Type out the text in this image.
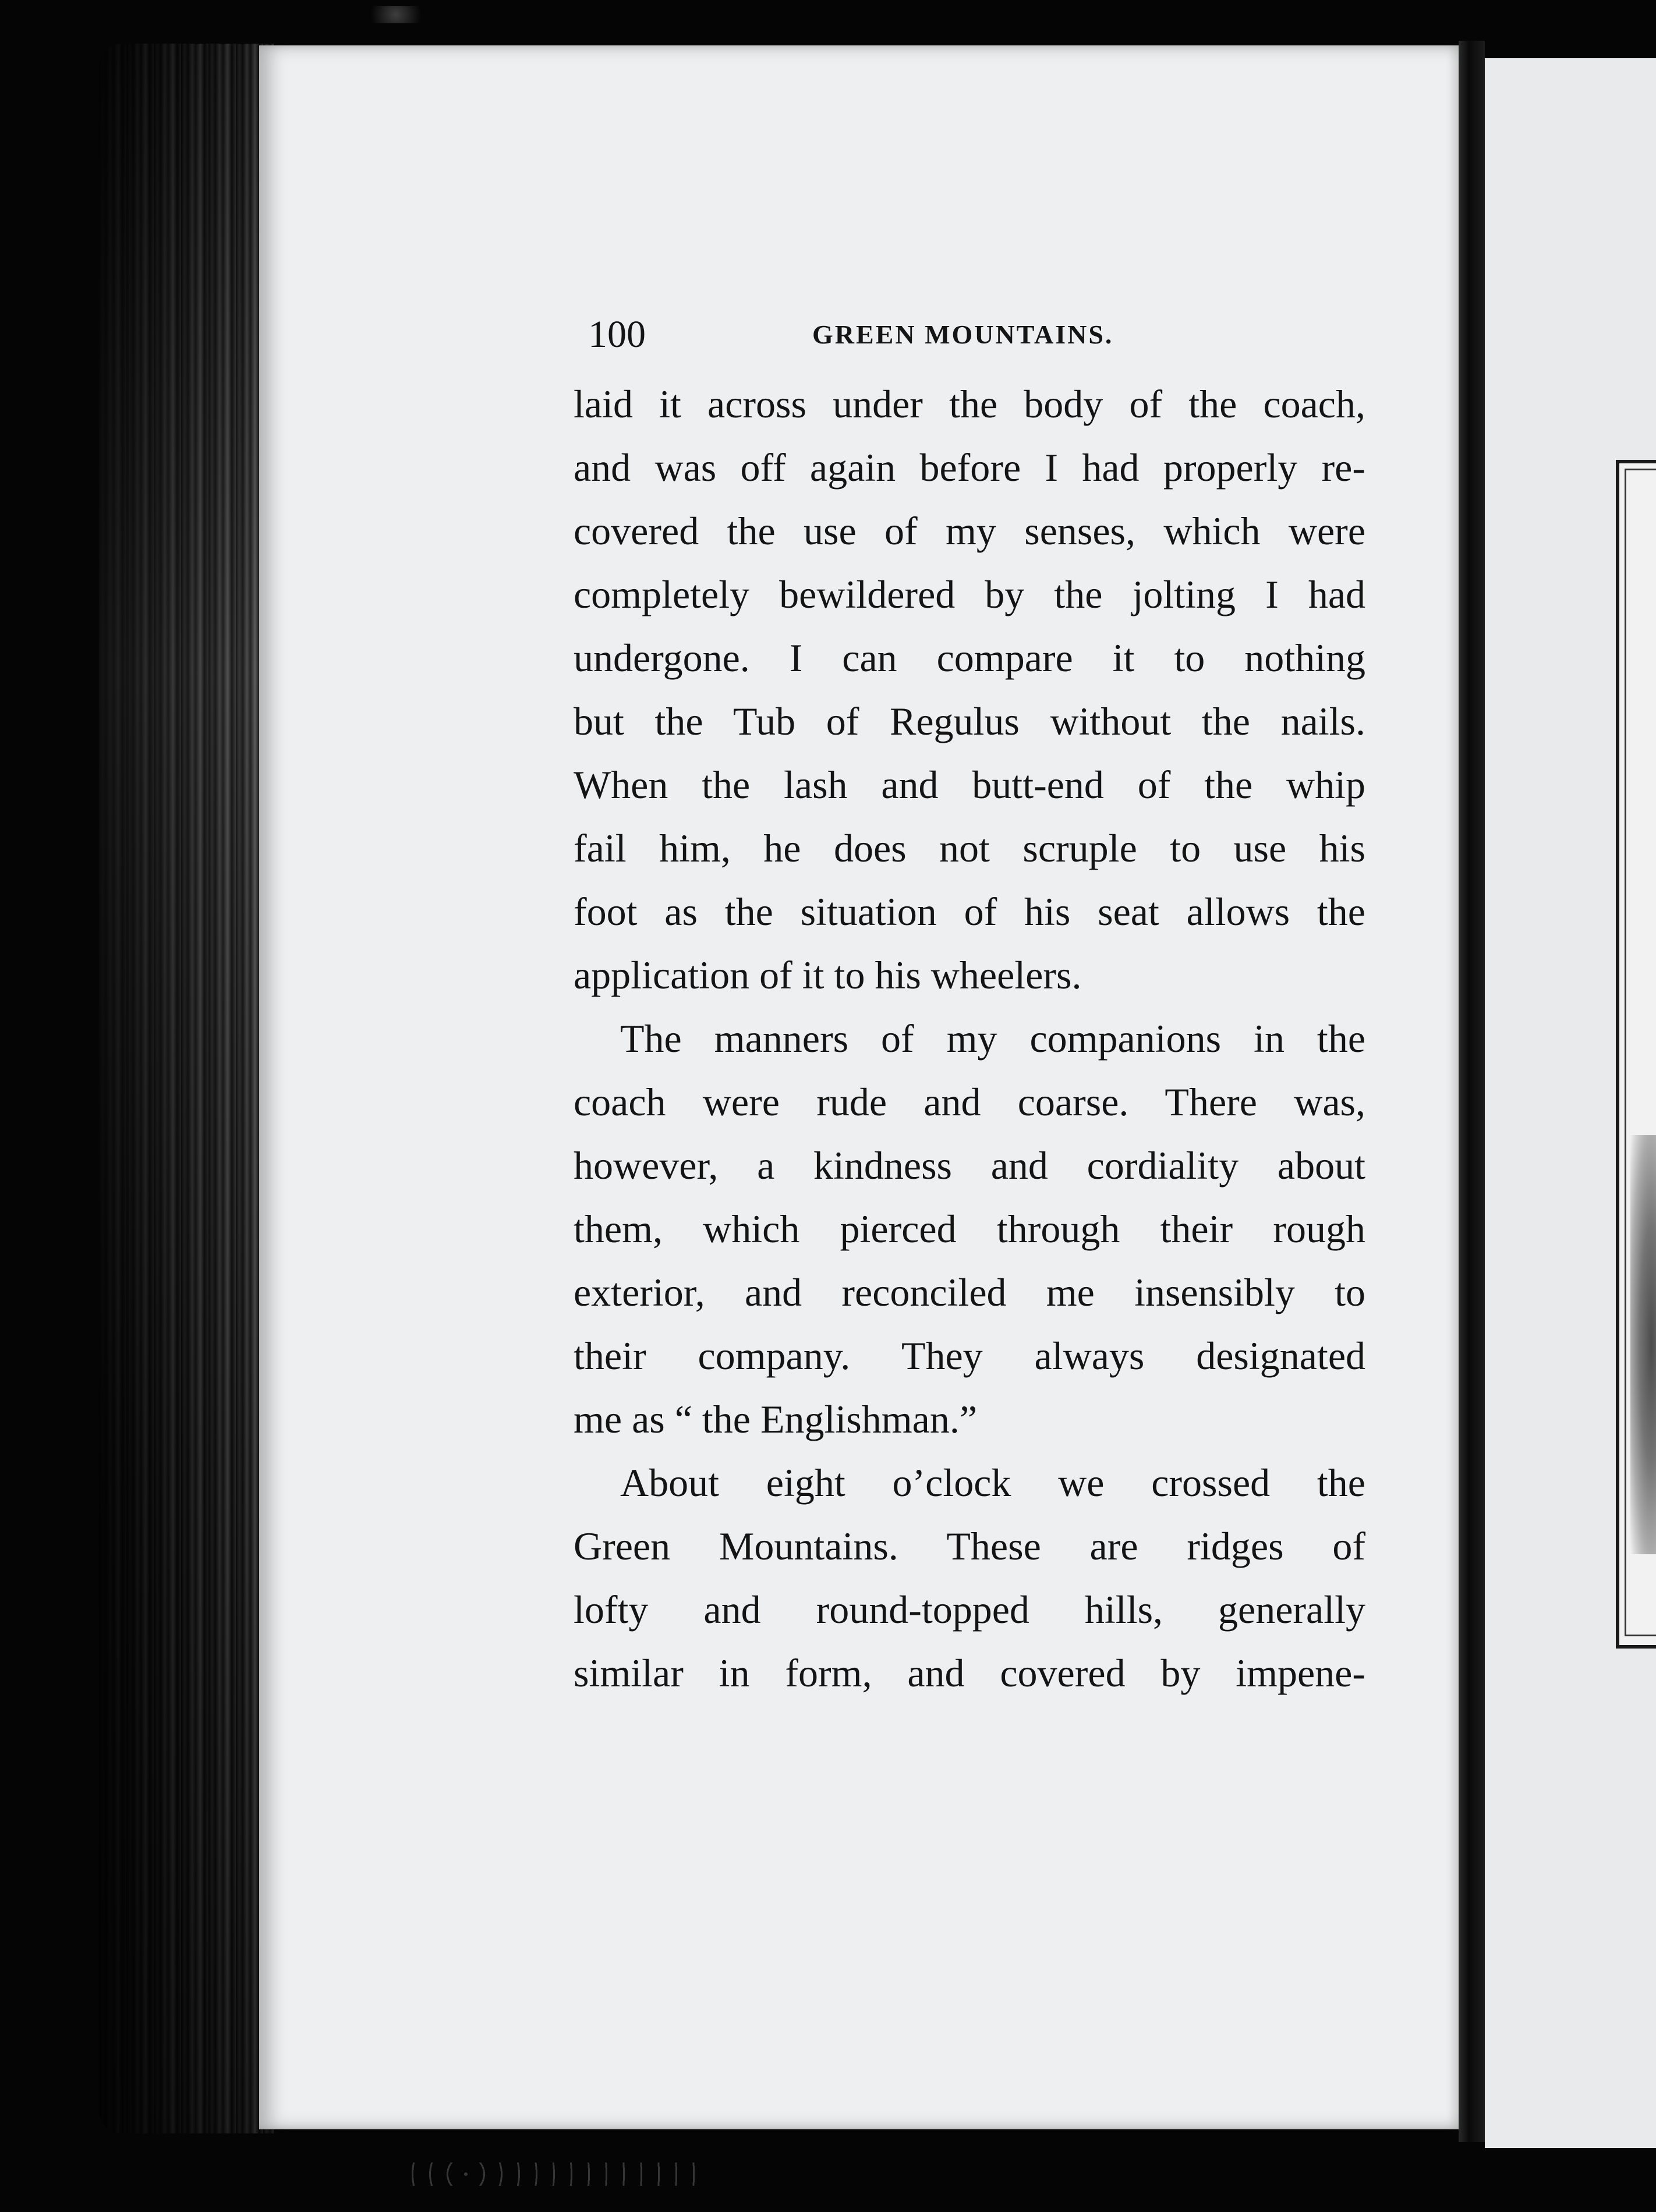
100	GREEN MOUNTAINS.
laid it across under the body of the coach,
and was off again before I had properly re-
covered the use of my senses, which were
completely bewildered by the jolting I had
undergone. I can compare it to nothing
but the Tub of Regulus without the nails.
When the lash and butt-end of the whip
fail him, he does not scruple to use his
foot as the situation of his seat allows the
application of it to his wheelers.
The manners of my companions in the
coach were rude and coarse. There was,
however, a kindness and cordiality about
them, which pierced through their rough
exterior, and reconciled me insensibly to
their company. They always designated
me as “ the Englishman.”
About eight o’clock we crossed the
Green Mountains. These are ridges of
lofty and round-topped hills, generally
similar in form, and covered by impene-
